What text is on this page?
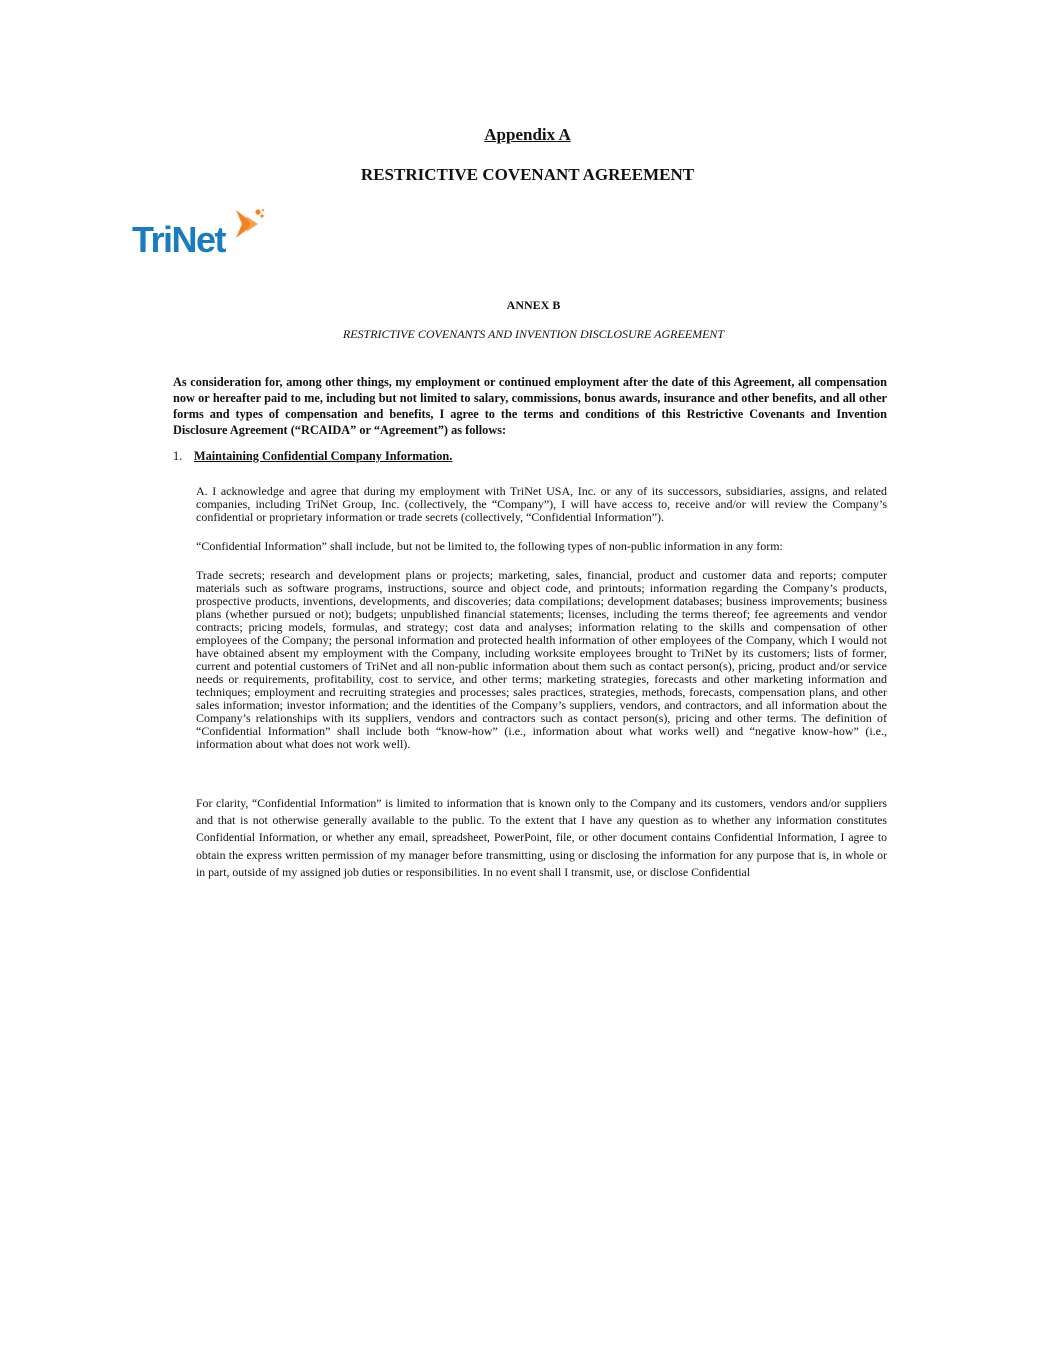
Appendix A
RESTRICTIVE COVENANT AGREEMENT
TriNet
ANNEX B
RESTRICTIVE COVENANTS AND INVENTION DISCLOSURE AGREEMENT
As consideration for, among other things, my employment or continued employment after the date of this Agreement, all compensation now or hereafter paid to me, including but not limited to salary, commissions, bonus awards, insurance and other benefits, and all other forms and types of compensation and benefits, I agree to the terms and conditions of this Restrictive Covenants and Invention Disclosure Agreement (“RCAIDA” or “Agreement”) as follows:
1. Maintaining Confidential Company Information.
A. I acknowledge and agree that during my employment with TriNet USA, Inc. or any of its successors, subsidiaries, assigns, and related companies, including TriNet Group, Inc. (collectively, the “Company”), I will have access to, receive and/or will review the Company’s confidential or proprietary information or trade secrets (collectively, “Confidential Information”).
“Confidential Information” shall include, but not be limited to, the following types of non-public information in any form:
Trade secrets; research and development plans or projects; marketing, sales, financial, product and customer data and reports; computer materials such as software programs, instructions, source and object code, and printouts; information regarding the Company’s products, prospective products, inventions, developments, and discoveries; data compilations; development databases; business improvements; business plans (whether pursued or not); budgets; unpublished financial statements; licenses, including the terms thereof; fee agreements and vendor contracts; pricing models, formulas, and strategy; cost data and analyses; information relating to the skills and compensation of other employees of the Company; the personal information and protected health information of other employees of the Company, which I would not have obtained absent my employment with the Company, including worksite employees brought to TriNet by its customers; lists of former, current and potential customers of TriNet and all non-public information about them such as contact person(s), pricing, product and/or service needs or requirements, profitability, cost to service, and other terms; marketing strategies, forecasts and other marketing information and techniques; employment and recruiting strategies and processes; sales practices, strategies, methods, forecasts, compensation plans, and other sales information; investor information; and the identities of the Company’s suppliers, vendors, and contractors, and all information about the Company’s relationships with its suppliers, vendors and contractors such as contact person(s), pricing and other terms. The definition of “Confidential Information” shall include both “know-how” (i.e., information about what works well) and “negative know-how” (i.e., information about what does not work well).
For clarity, “Confidential Information” is limited to information that is known only to the Company and its customers, vendors and/or suppliers and that is not otherwise generally available to the public. To the extent that I have any question as to whether any information constitutes Confidential Information, or whether any email, spreadsheet, PowerPoint, file, or other document contains Confidential Information, I agree to obtain the express written permission of my manager before transmitting, using or disclosing the information for any purpose that is, in whole or in part, outside of my assigned job duties or responsibilities. In no event shall I transmit, use, or disclose Confidential
